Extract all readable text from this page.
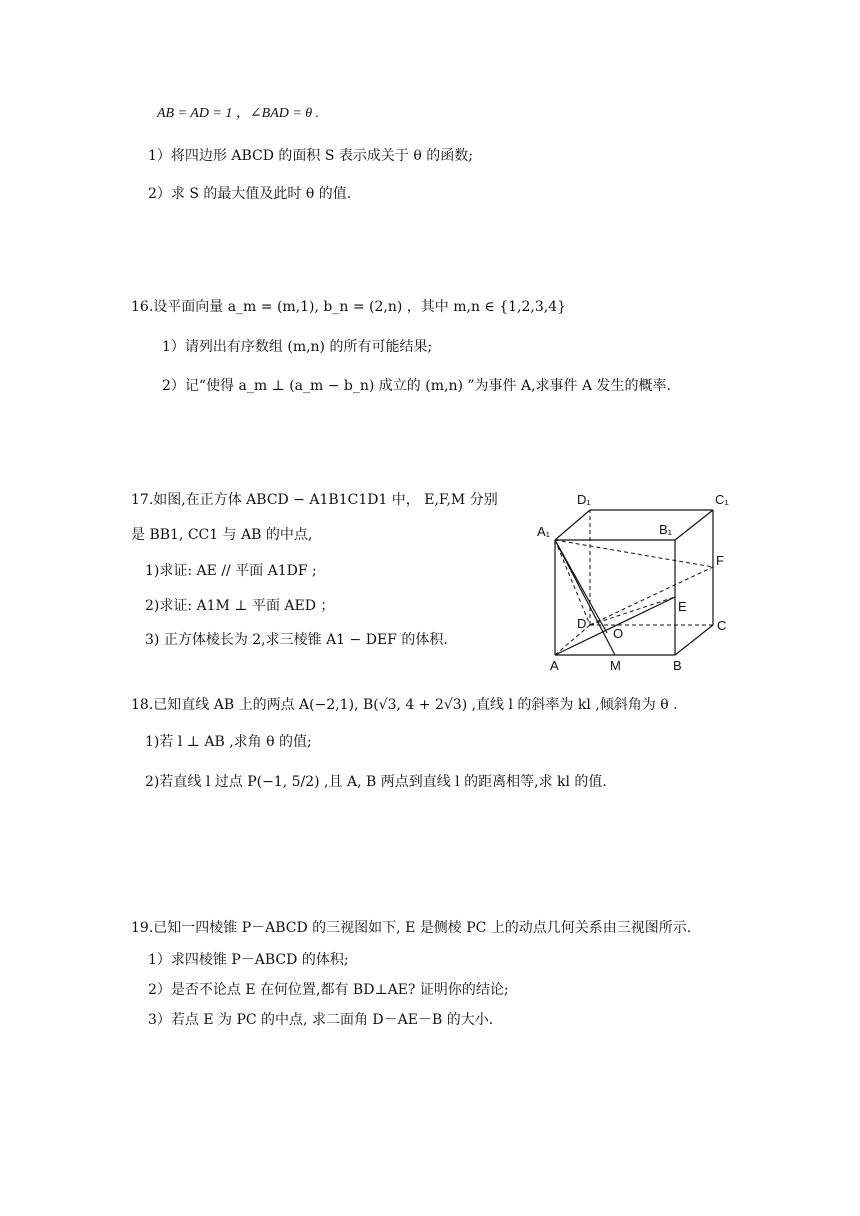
AB = AD = 1 ，∠BAD = θ .
1）将四边形 ABCD 的面积 S 表示成关于 θ 的函数;
2）求 S 的最大值及此时 θ 的值.
16.设平面向量 a_m = (m,1), b_n = (2,n) ，其中 m,n ∈ {1,2,3,4}
1）请列出有序数组 (m,n) 的所有可能结果;
2）记“使得 a_m ⊥ (a_m − b_n) 成立的 (m,n) ”为事件 A,求事件 A 发生的概率.
17.如图,在正方体 ABCD − A1B1C1D1 中， E,F,M 分别
是 BB1, CC1 与 AB 的中点,
1)求证: AE // 平面 A1DF ;
2)求证: A1M ⊥ 平面 AED ；
3) 正方体棱长为 2,求三棱锥 A1 − DEF 的体积.
D₁	C₁
A₁	B₁
F
E
D
O
C
A	M	B
18.已知直线 AB 上的两点 A(−2,1), B(√3, 4 + 2√3) ,直线 l 的斜率为 kl ,倾斜角为 θ .
1)若 l ⊥ AB ,求角 θ 的值;
2)若直线 l 过点 P(−1, 5/2) ,且 A, B 两点到直线 l 的距离相等,求 kl 的值.
19.已知一四棱锥 P－ABCD 的三视图如下, E 是侧棱 PC 上的动点几何关系由三视图所示.
1）求四棱锥 P－ABCD 的体积;
2）是否不论点 E 在何位置,都有 BD⊥AE? 证明你的结论;
3）若点 E 为 PC 的中点, 求二面角 D－AE－B 的大小.
